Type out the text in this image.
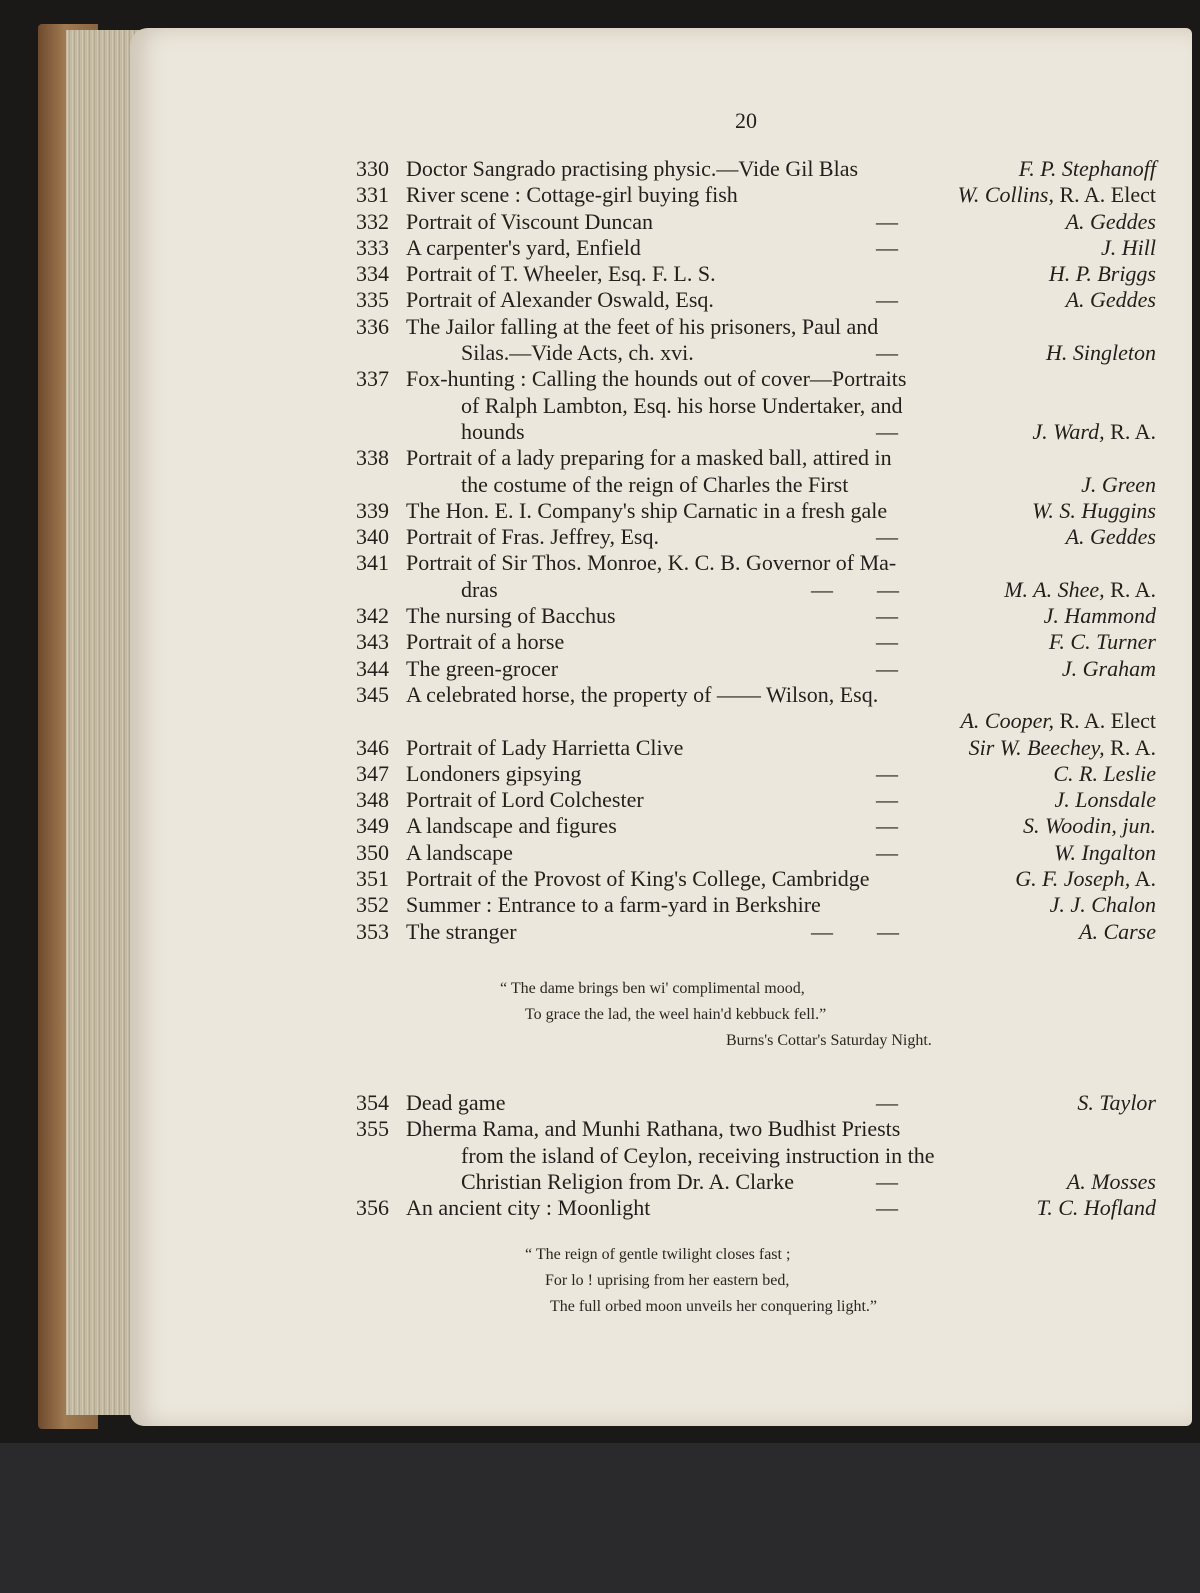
20
330 Doctor Sangrado practising physic.—Vide Gil Blas	F. P. Stephanoff
331 River scene : Cottage-girl buying fish	W. Collins, R. A. Elect
332 Portrait of Viscount Duncan	—	A. Geddes
333 A carpenter's yard, Enfield	—	J. Hill
334 Portrait of T. Wheeler, Esq. F. L. S.	H. P. Briggs
335 Portrait of Alexander Oswald, Esq.	—	A. Geddes
336 The Jailor falling at the feet of his prisoners, Paul and
Silas.—Vide Acts, ch. xvi.	—	H. Singleton
337 Fox-hunting : Calling the hounds out of cover—Portraits
of Ralph Lambton, Esq. his horse Undertaker, and
hounds	—	J. Ward, R. A.
338 Portrait of a lady preparing for a masked ball, attired in
the costume of the reign of Charles the First	J. Green
339 The Hon. E. I. Company's ship Carnatic in a fresh gale	W. S. Huggins
340 Portrait of Fras. Jeffrey, Esq.	—	A. Geddes
341 Portrait of Sir Thos. Monroe, K. C. B. Governor of Ma-
dras	—        —	M. A. Shee, R. A.
342 The nursing of Bacchus	—	J. Hammond
343 Portrait of a horse	—	F. C. Turner
344 The green-grocer	—	J. Graham
345 A celebrated horse, the property of —— Wilson, Esq.
A. Cooper, R. A. Elect
346 Portrait of Lady Harrietta Clive	Sir W. Beechey, R. A.
347 Londoners gipsying	—	C. R. Leslie
348 Portrait of Lord Colchester	—	J. Lonsdale
349 A landscape and figures	—	S. Woodin, jun.
350 A landscape	—	W. Ingalton
351 Portrait of the Provost of King's College, Cambridge	G. F. Joseph, A.
352 Summer : Entrance to a farm-yard in Berkshire	J. J. Chalon
353 The stranger	—        —	A. Carse
“ The dame brings ben wi' complimental mood,
To grace the lad, the weel hain'd kebbuck fell.”
Burns's Cottar's Saturday Night.
354 Dead game	—	S. Taylor
355 Dherma Rama, and Munhi Rathana, two Budhist Priests
from the island of Ceylon, receiving instruction in the
Christian Religion from Dr. A. Clarke	—	A. Mosses
356 An ancient city : Moonlight	—	T. C. Hofland
“ The reign of gentle twilight closes fast ;
For lo ! uprising from her eastern bed,
The full orbed moon unveils her conquering light.”
